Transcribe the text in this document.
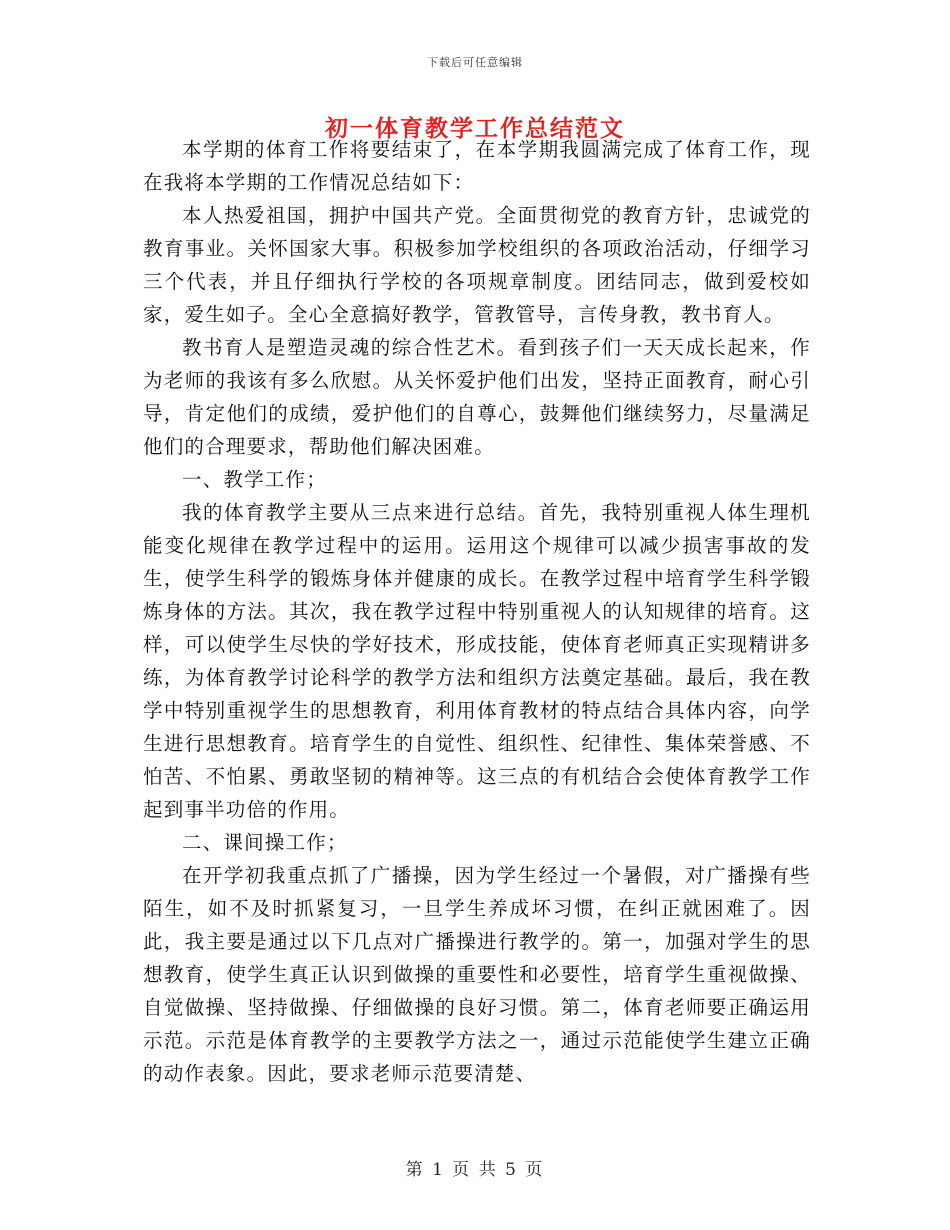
下载后可任意编辑
初一体育教学工作总结范文

本学期的体育工作将要结束了，在本学期我圆满完成了体育工作，现在我将本学期的工作情况总结如下：

本人热爱祖国，拥护中国共产党。全面贯彻党的教育方针，忠诚党的教育事业。关怀国家大事。积极参加学校组织的各项政治活动，仔细学习三个代表，并且仔细执行学校的各项规章制度。团结同志，做到爱校如家，爱生如子。全心全意搞好教学，管教管导，言传身教，教书育人。

教书育人是塑造灵魂的综合性艺术。看到孩子们一天天成长起来，作为老师的我该有多么欣慰。从关怀爱护他们出发，坚持正面教育，耐心引导，肯定他们的成绩，爱护他们的自尊心，鼓舞他们继续努力，尽量满足他们的合理要求，帮助他们解决困难。

一、教学工作；

我的体育教学主要从三点来进行总结。首先，我特别重视人体生理机能变化规律在教学过程中的运用。运用这个规律可以减少损害事故的发生，使学生科学的锻炼身体并健康的成长。在教学过程中培育学生科学锻炼身体的方法。其次，我在教学过程中特别重视人的认知规律的培育。这样，可以使学生尽快的学好技术，形成技能，使体育老师真正实现精讲多练，为体育教学讨论科学的教学方法和组织方法奠定基础。最后，我在教学中特别重视学生的思想教育，利用体育教材的特点结合具体内容，向学生进行思想教育。培育学生的自觉性、组织性、纪律性、集体荣誉感、不怕苦、不怕累、勇敢坚韧的精神等。这三点的有机结合会使体育教学工作起到事半功倍的作用。

二、课间操工作；

在开学初我重点抓了广播操，因为学生经过一个暑假，对广播操有些陌生，如不及时抓紧复习，一旦学生养成坏习惯，在纠正就困难了。因此，我主要是通过以下几点对广播操进行教学的。第一，加强对学生的思想教育，使学生真正认识到做操的重要性和必要性，培育学生重视做操、自觉做操、坚持做操、仔细做操的良好习惯。第二，体育老师要正确运用示范。示范是体育教学的主要教学方法之一，通过示范能使学生建立正确的动作表象。因此，要求老师示范要清楚、

第 1 页 共 5 页
